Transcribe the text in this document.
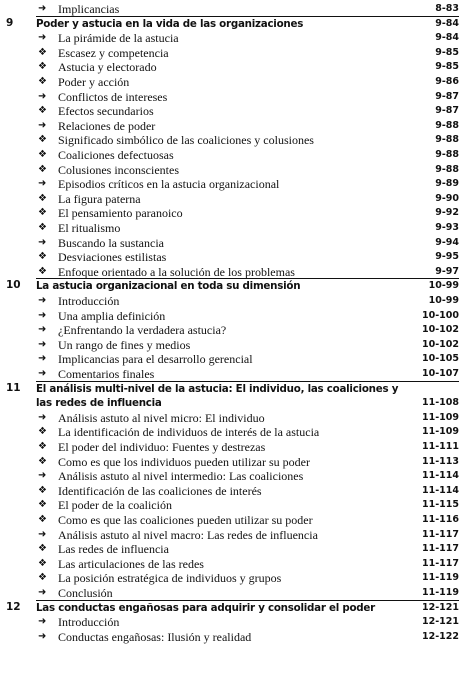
➜ Implicancias	8-83
9 Poder y astucia en la vida de las organizaciones	9-84
➜ La pirámide de la astucia	9-84
❖ Escasez y competencia	9-85
❖ Astucia y electorado	9-85
❖ Poder y acción	9-86
➜ Conflictos de intereses	9-87
❖ Efectos secundarios	9-87
➜ Relaciones de poder	9-88
❖ Significado simbólico de las coaliciones y colusiones	9-88
❖ Coaliciones defectuosas	9-88
❖ Colusiones inconscientes	9-88
➜ Episodios críticos en la astucia organizacional	9-89
❖ La figura paterna	9-90
❖ El pensamiento paranoico	9-92
❖ El ritualismo	9-93
➜ Buscando la sustancia	9-94
❖ Desviaciones estilistas	9-95
❖ Enfoque orientado a la solución de los problemas	9-97
10 La astucia organizacional en toda su dimensión	10-99
➜ Introducción	10-99
➜ Una amplia definición	10-100
➜ ¿Enfrentando la verdadera astucia?	10-102
➜ Un rango de fines y medios	10-102
➜ Implicancias para el desarrollo gerencial	10-105
➜ Comentarios finales	10-107
11 El análisis multi-nivel de la astucia: El individuo, las coaliciones y
las redes de influencia	11-108
➜ Análisis astuto al nivel micro: El individuo	11-109
❖ La identificación de individuos de interés de la astucia	11-109
❖ El poder del individuo: Fuentes y destrezas	11-111
❖ Como es que los individuos pueden utilizar su poder	11-113
➜ Análisis astuto al nivel intermedio: Las coaliciones	11-114
❖ Identificación de las coaliciones de interés	11-114
❖ El poder de la coalición	11-115
❖ Como es que las coaliciones pueden utilizar su poder	11-116
➜ Análisis astuto al nivel macro: Las redes de influencia	11-117
❖ Las redes de influencia	11-117
❖ Las articulaciones de las redes	11-117
❖ La posición estratégica de individuos y grupos	11-119
➜ Conclusión	11-119
12 Las conductas engañosas para adquirir y consolidar el poder	12-121
➜ Introducción	12-121
➜ Conductas engañosas: Ilusión y realidad	12-122
